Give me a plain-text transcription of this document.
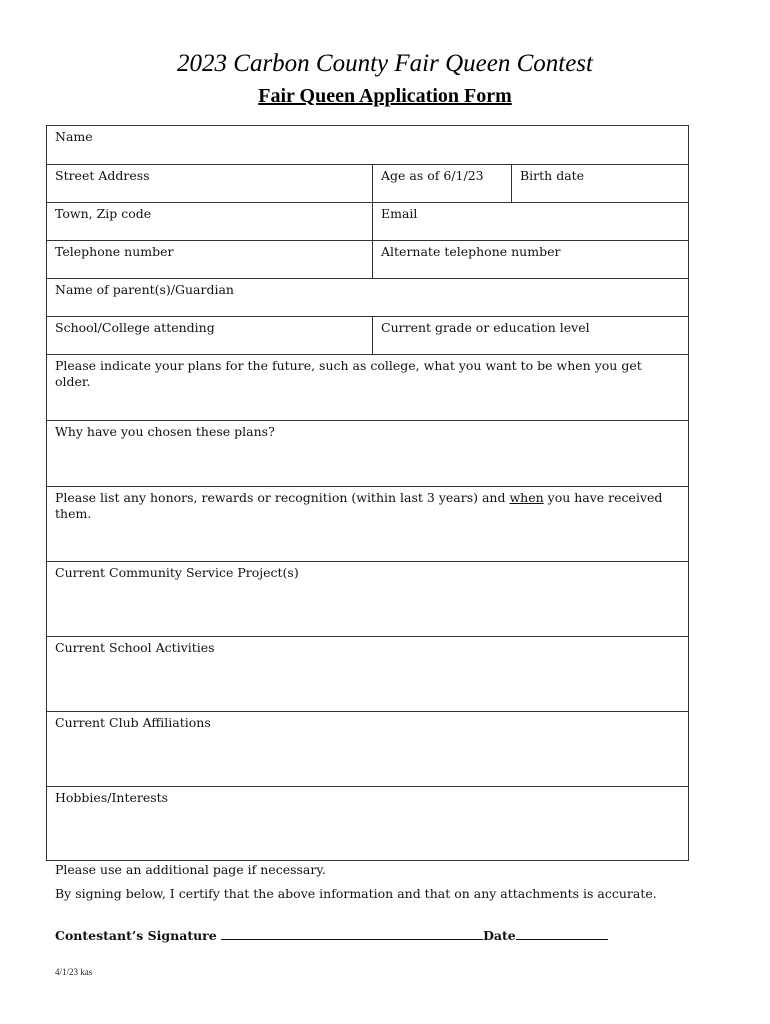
2023 Carbon County Fair Queen Contest
Fair Queen Application Form
Name
Street Address	Age as of 6/1/23	Birth date
Town, Zip code	Email
Telephone number	Alternate telephone number
Name of parent(s)/Guardian
School/College attending	Current grade or education level
Please indicate your plans for the future, such as college, what you want to be when you get older.
Why have you chosen these plans?
Please list any honors, rewards or recognition (within last 3 years) and when you have received them.
Current Community Service Project(s)
Current School Activities
Current Club Affiliations
Hobbies/Interests
Please use an additional page if necessary.
By signing below, I certify that the above information and that on any attachments is accurate.
Contestant’s Signature	Date
4/1/23 kas
